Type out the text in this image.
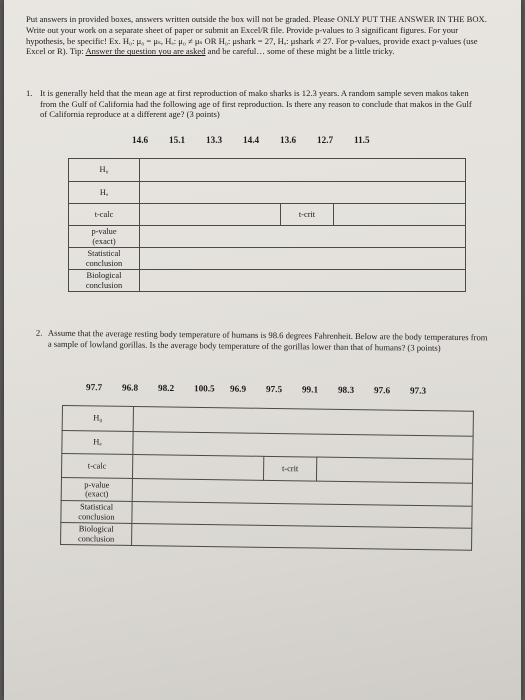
Put answers in provided boxes, answers written outside the box will not be graded. Please ONLY PUT THE ANSWER IN THE BOX. Write out your work on a separate sheet of paper or submit an Excel/R file. Provide p-values to 3 significant figures. For your hypothesis, be specific! Ex. H₀: μ₀ = μₛ, Hₐ: μ₀ ≠ μₛ OR H₀: μshark = 27, Hₐ: μshark ≠ 27. For p-values, provide exact p-values (use Excel or R). Tip: Answer the question you are asked and be careful… some of these might be a little tricky.
1. It is generally held that the mean age at first reproduction of mako sharks is 12.3 years. A random sample seven makos taken from the Gulf of California had the following age of first reproduction. Is there any reason to conclude that makos in the Gulf of California reproduce at a different age? (3 points)
14.6	15.1	13.3	14.4	13.6	12.7	11.5
H₀			
Hₐ			
t-calc		t-crit	
p-value
(exact)			
Statistical
conclusion			
Biological
conclusion			
2. Assume that the average resting body temperature of humans is 98.6 degrees Fahrenheit. Below are the body temperatures from a sample of lowland gorillas. Is the average body temperature of the gorillas lower than that of humans? (3 points)
97.7	96.8	98.2	100.5	96.9	97.5	99.1	98.3	97.6	97.3
H₀			
Hₐ			
t-calc		t-crit	
p-value
(exact)			
Statistical
conclusion			
Biological
conclusion			
